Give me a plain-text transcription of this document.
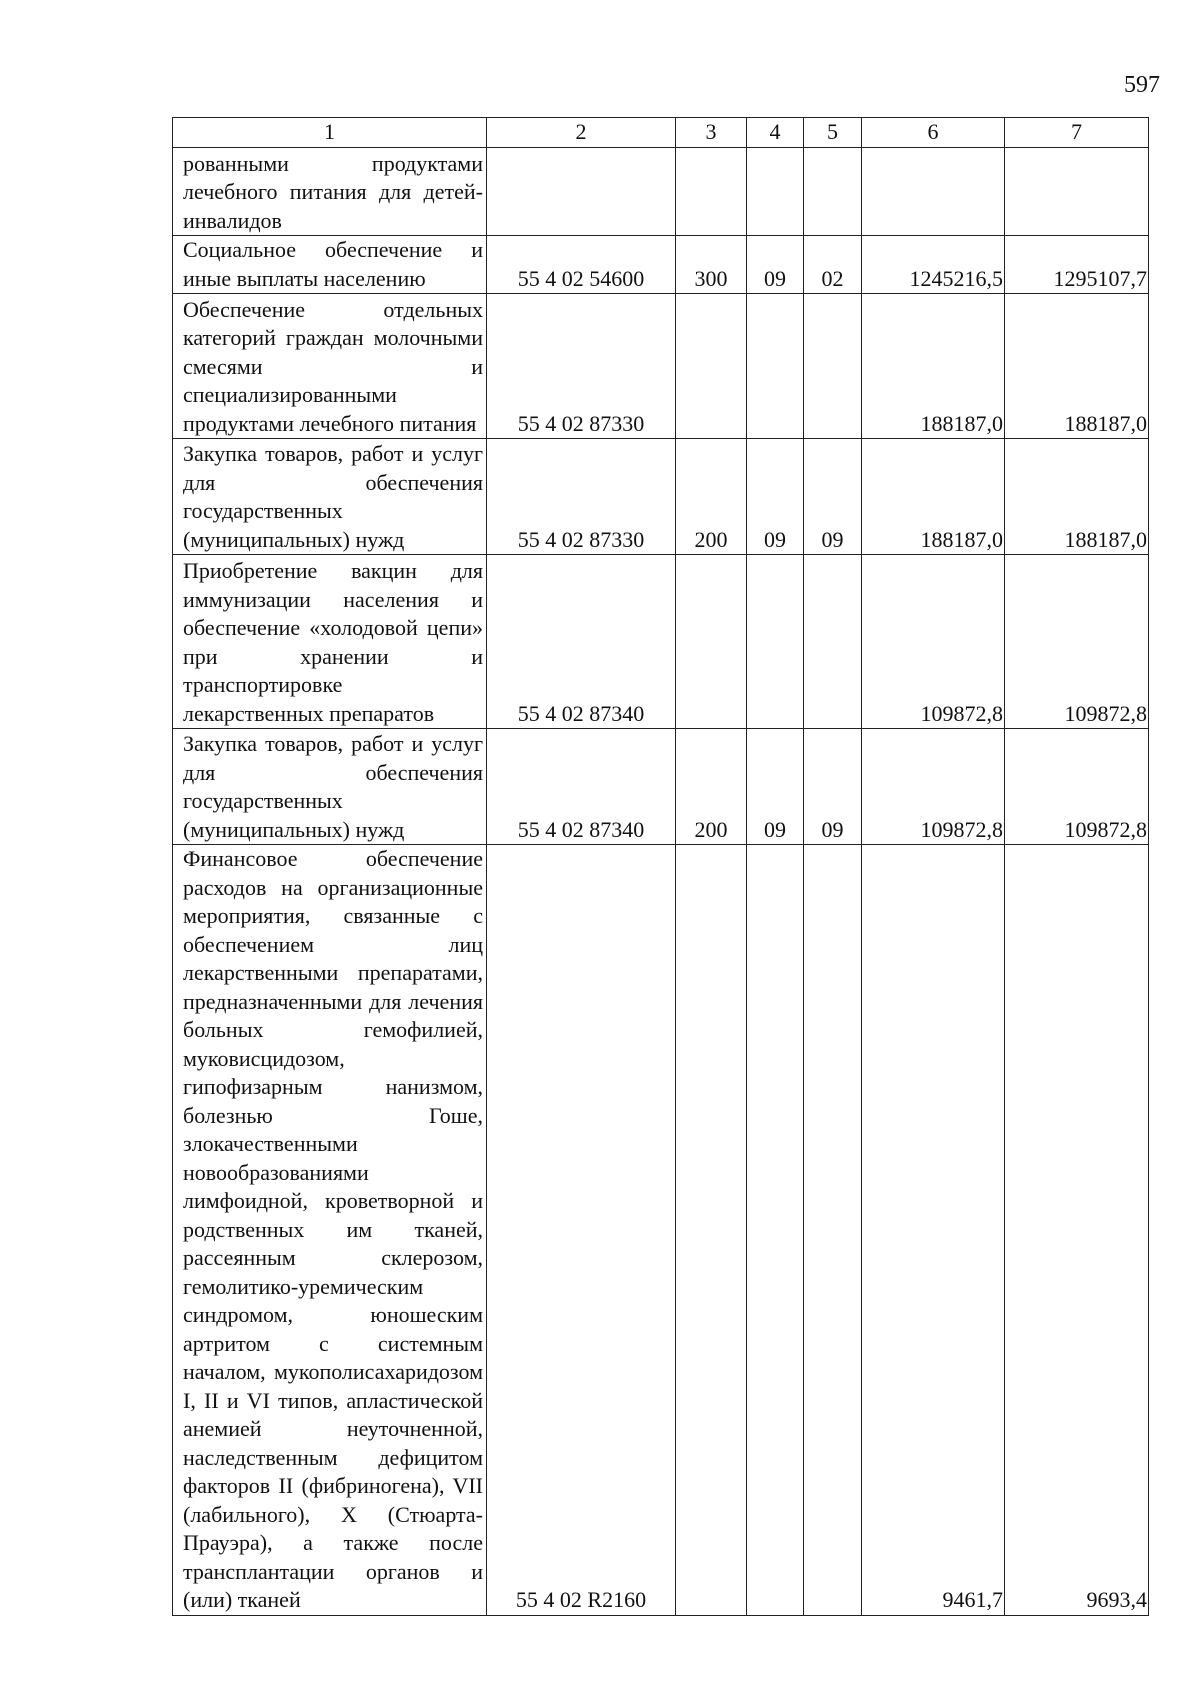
597
1	2	3	4	5	6	7
рованными продуктами лечебного питания для детей-инвалидов						
Социальное обеспечение и иные выплаты населению	55 4 02 54600	300	09	02	1245216,5	1295107,7
Обеспечение отдельных категорий граждан молочными смесями и специализированными продуктами лечебного питания	55 4 02 87330				188187,0	188187,0
Закупка товаров, работ и услуг для обеспечения государственных (муниципальных) нужд	55 4 02 87330	200	09	09	188187,0	188187,0
Приобретение вакцин для иммунизации населения и обеспечение «холодовой цепи» при хранении и транспортировке лекарственных препаратов	55 4 02 87340				109872,8	109872,8
Закупка товаров, работ и услуг для обеспечения государственных (муниципальных) нужд	55 4 02 87340	200	09	09	109872,8	109872,8
Финансовое обеспечение расходов на организационные мероприятия, связанные с обеспечением лиц лекарственными препаратами, предназначенными для лечения больных гемофилией, муковисцидозом, гипофизарным нанизмом, болезнью Гоше, злокачественными новообразованиями лимфоидной, кроветворной и родственных им тканей, рассеянным склерозом, гемолитико-уремическим синдромом, юношеским артритом с системным началом, мукополисахаридозом I, II и VI типов, апластической анемией неуточненной, наследственным дефицитом факторов II (фибриногена), VII (лабильного), X (Стюарта-Прауэра), а также после трансплантации органов и (или) тканей	55 4 02 R2160				9461,7	9693,4
